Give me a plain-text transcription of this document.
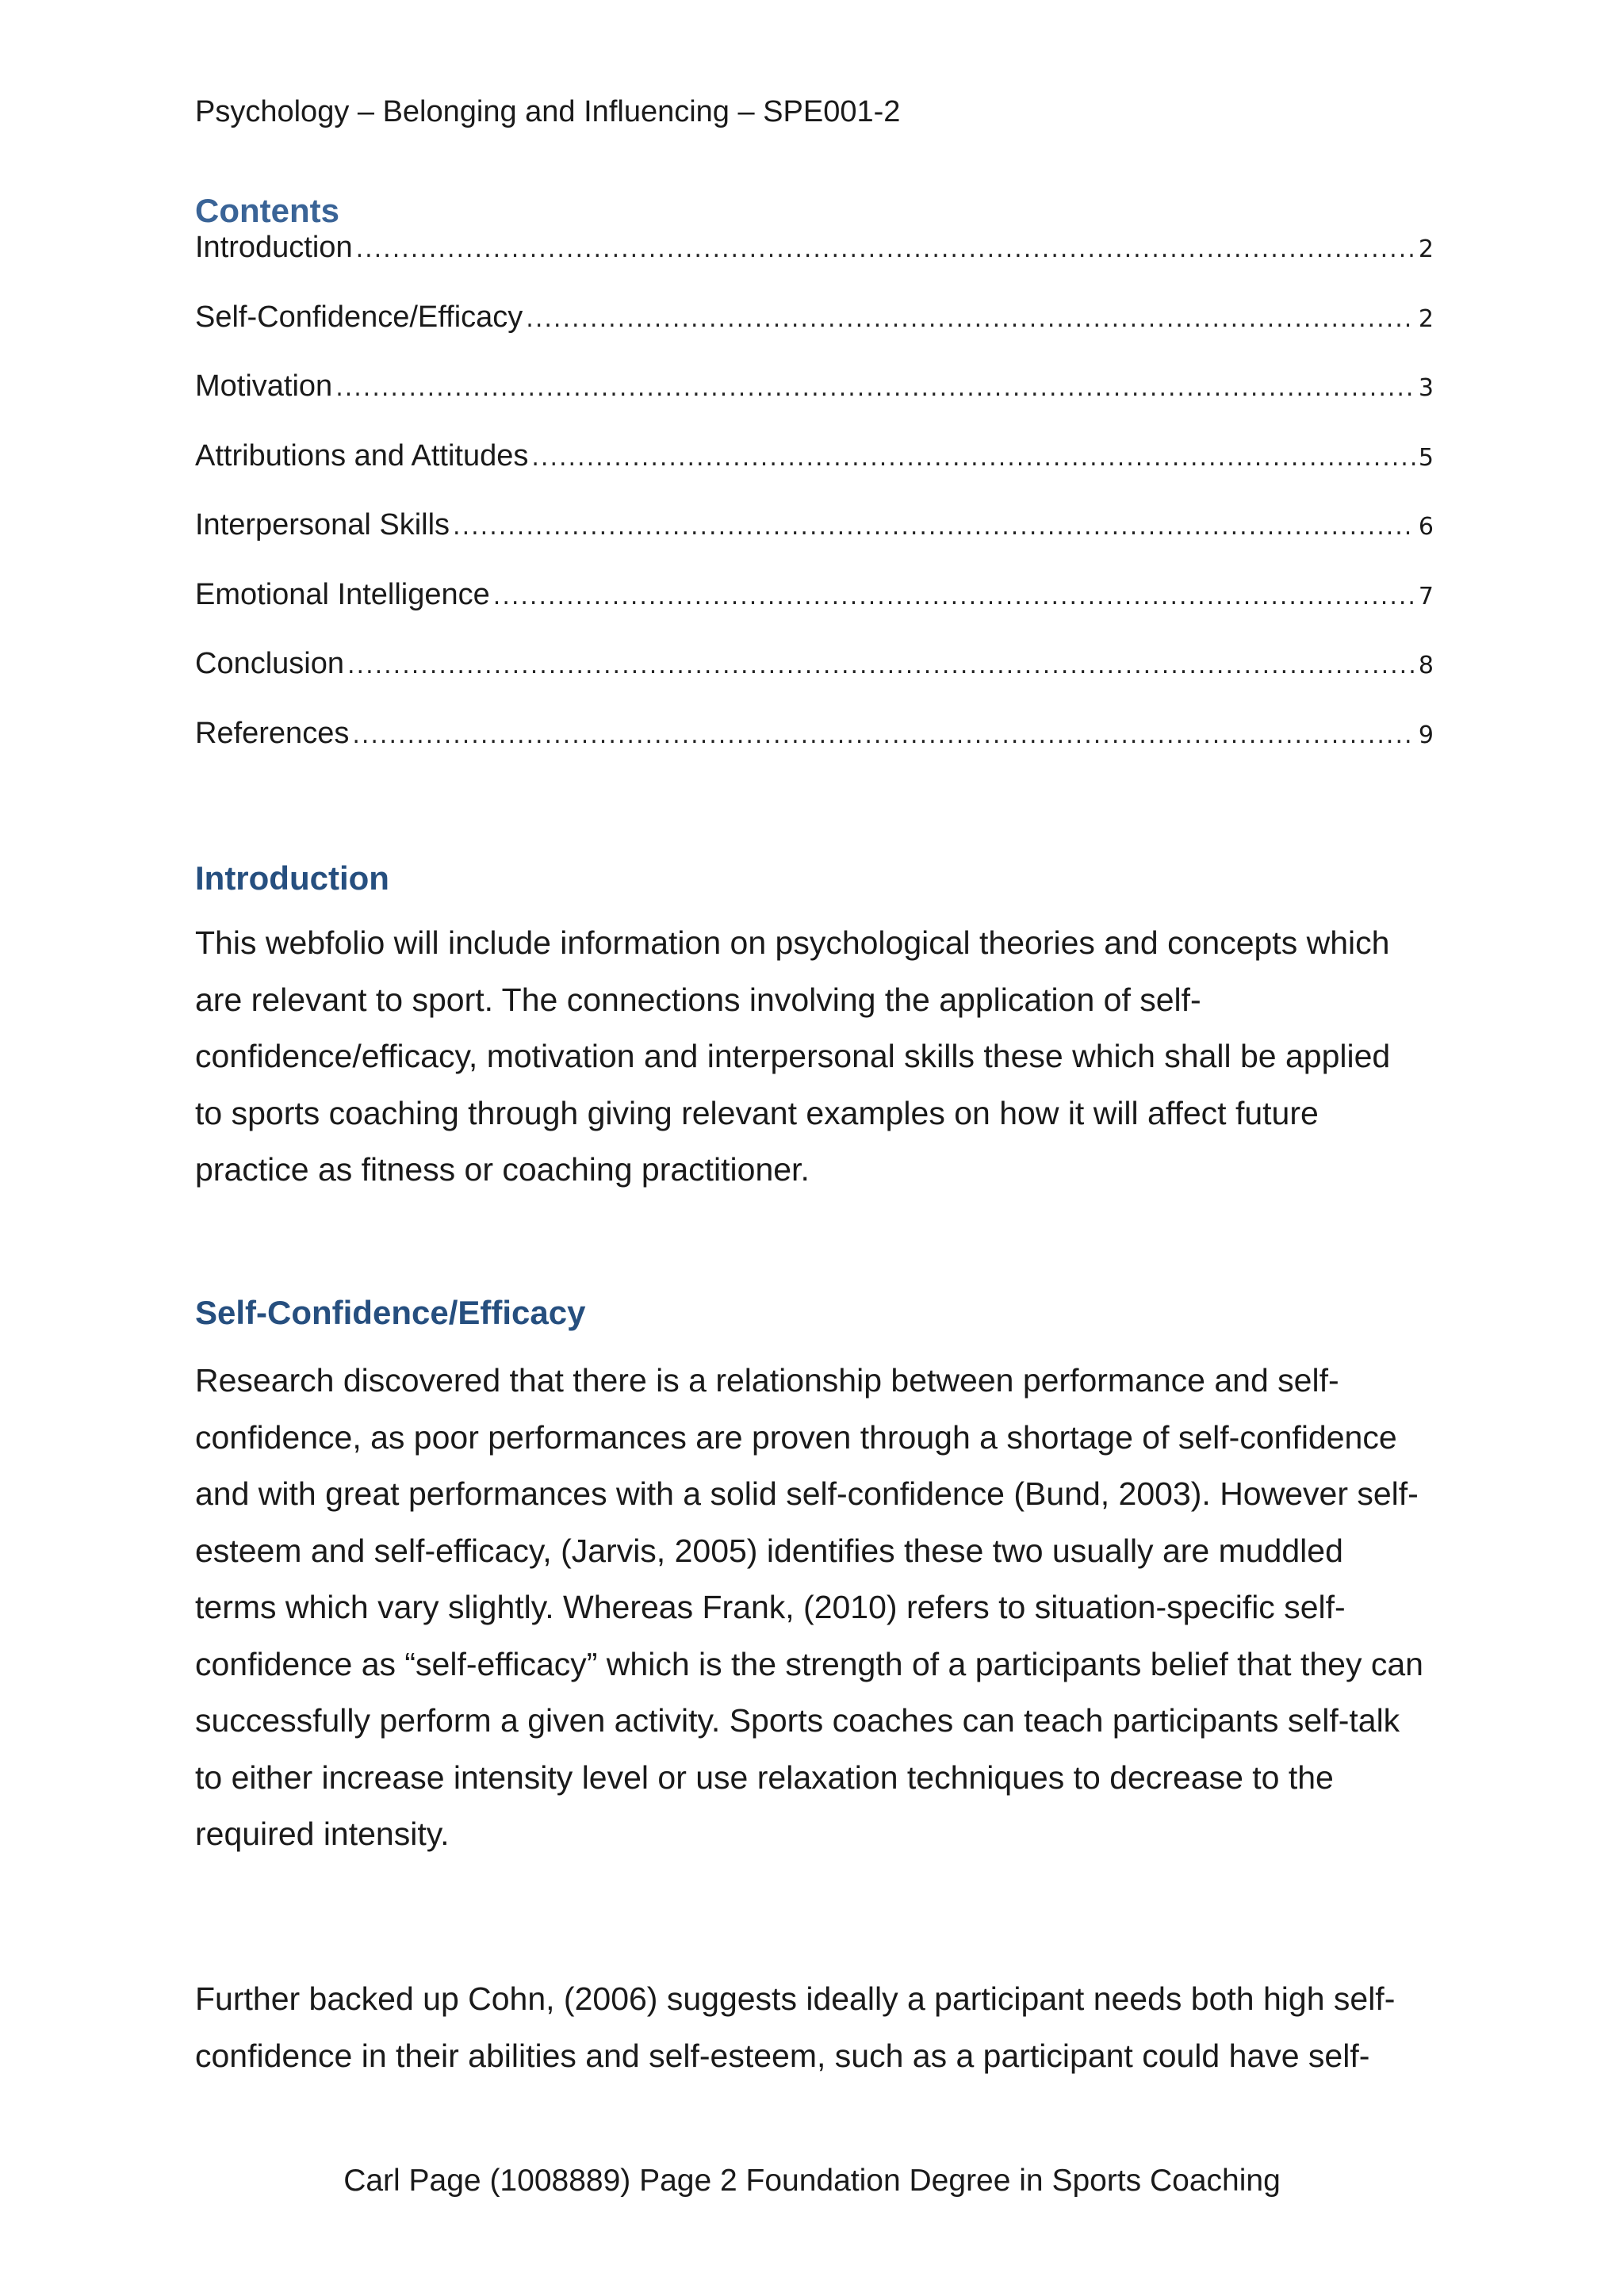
Psychology – Belonging and Influencing – SPE001-2
Contents
Introduction .....	2
Self-Confidence/Efficacy .....	2
Motivation .....	3
Attributions and Attitudes .....	5
Interpersonal Skills .....	6
Emotional Intelligence .....	7
Conclusion .....	8
References .....	9
Introduction
This webfolio will include information on psychological theories and concepts which are relevant to sport. The connections involving the application of self-confidence/efficacy, motivation and interpersonal skills these which shall be applied to sports coaching through giving relevant examples on how it will affect future practice as fitness or coaching practitioner.
Self-Confidence/Efficacy
Research discovered that there is a relationship between performance and self-confidence, as poor performances are proven through a shortage of self-confidence and with great performances with a solid self-confidence (Bund, 2003). However self-esteem and self-efficacy, (Jarvis, 2005) identifies these two usually are muddled terms which vary slightly. Whereas Frank, (2010) refers to situation-specific self-confidence as “self-efficacy” which is the strength of a participants belief that they can successfully perform a given activity. Sports coaches can teach participants self-talk to either increase intensity level or use relaxation techniques to decrease to the required intensity.
Further backed up Cohn, (2006) suggests ideally a participant needs both high self-confidence in their abilities and self-esteem, such as a participant could have self-
Carl Page (1008889) Page 2 Foundation Degree in Sports Coaching
